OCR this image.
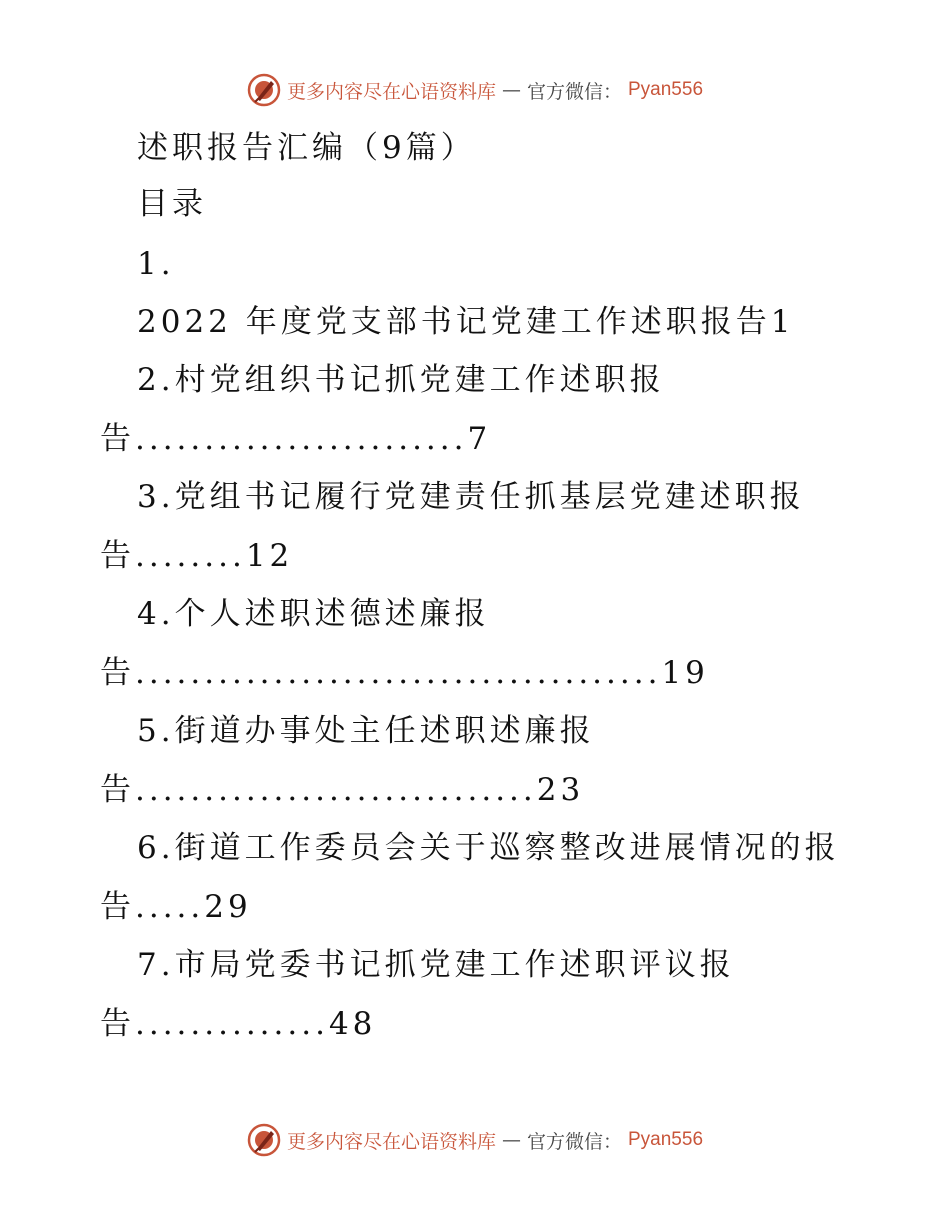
更多内容尽在心语资料库 — 官方微信： Pyan556
述职报告汇编（9篇）
目录
1.
2022 年度党支部书记党建工作述职报告1
2.村党组织书记抓党建工作述职报
告........................7
3.党组书记履行党建责任抓基层党建述职报
告........12
4.个人述职述德述廉报
告......................................19
5.街道办事处主任述职述廉报
告.............................23
6.街道工作委员会关于巡察整改进展情况的报
告.....29
7.市局党委书记抓党建工作述职评议报
告..............48
更多内容尽在心语资料库 — 官方微信： Pyan556
